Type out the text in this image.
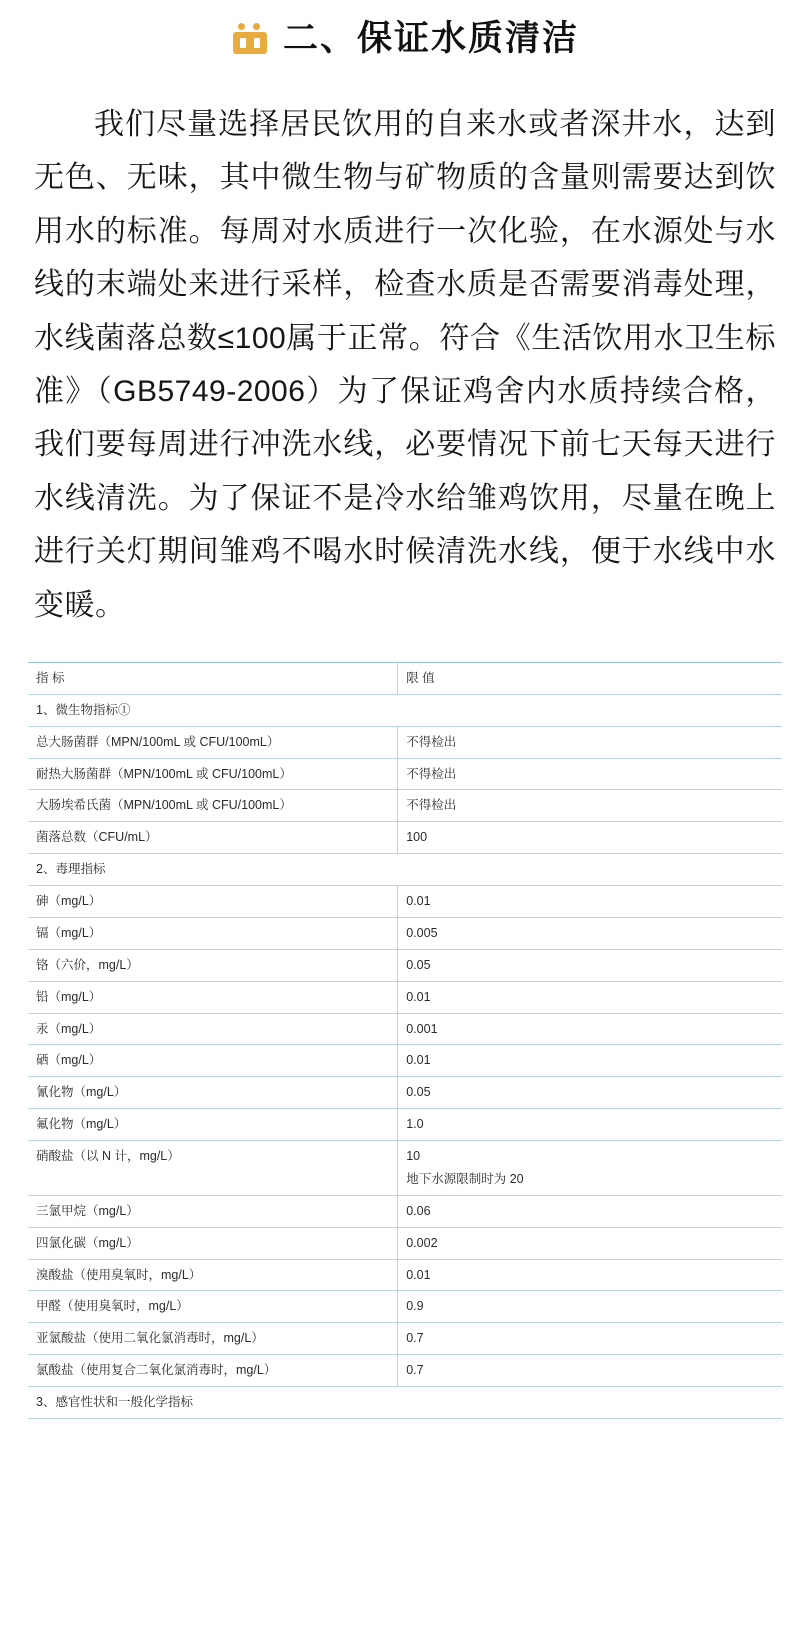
二、保证水质清洁

我们尽量选择居民饮用的自来水或者深井水，达到无色、无味，其中微生物与矿物质的含量则需要达到饮用水的标准。每周对水质进行一次化验，在水源处与水线的末端处来进行采样，检查水质是否需要消毒处理，水线菌落总数≤100属于正常。符合《生活饮用水卫生标准》（GB5749-2006）为了保证鸡舍内水质持续合格，我们要每周进行冲洗水线，必要情况下前七天每天进行水线清洗。为了保证不是冷水给雏鸡饮用，尽量在晚上进行关灯期间雏鸡不喝水时候清洗水线，便于水线中水变暖。

指 标	限 值
1、微生物指标①	
总大肠菌群（MPN/100mL 或 CFU/100mL）	不得检出
耐热大肠菌群（MPN/100mL 或 CFU/100mL）	不得检出
大肠埃希氏菌（MPN/100mL 或 CFU/100mL）	不得检出
菌落总数（CFU/mL）	100
2、毒理指标	
砷（mg/L）	0.01
镉（mg/L）	0.005
铬（六价，mg/L）	0.05
铅（mg/L）	0.01
汞（mg/L）	0.001
硒（mg/L）	0.01
氰化物（mg/L）	0.05
氟化物（mg/L）	1.0
硝酸盐（以 N 计，mg/L）	10
地下水源限制时为 20

三氯甲烷（mg/L）	0.06
四氯化碳（mg/L）	0.002
溴酸盐（使用臭氧时，mg/L）	0.01
甲醛（使用臭氧时，mg/L）	0.9
亚氯酸盐（使用二氧化氯消毒时，mg/L）	0.7
氯酸盐（使用复合二氧化氯消毒时，mg/L）	0.7
3、感官性状和一般化学指标	
